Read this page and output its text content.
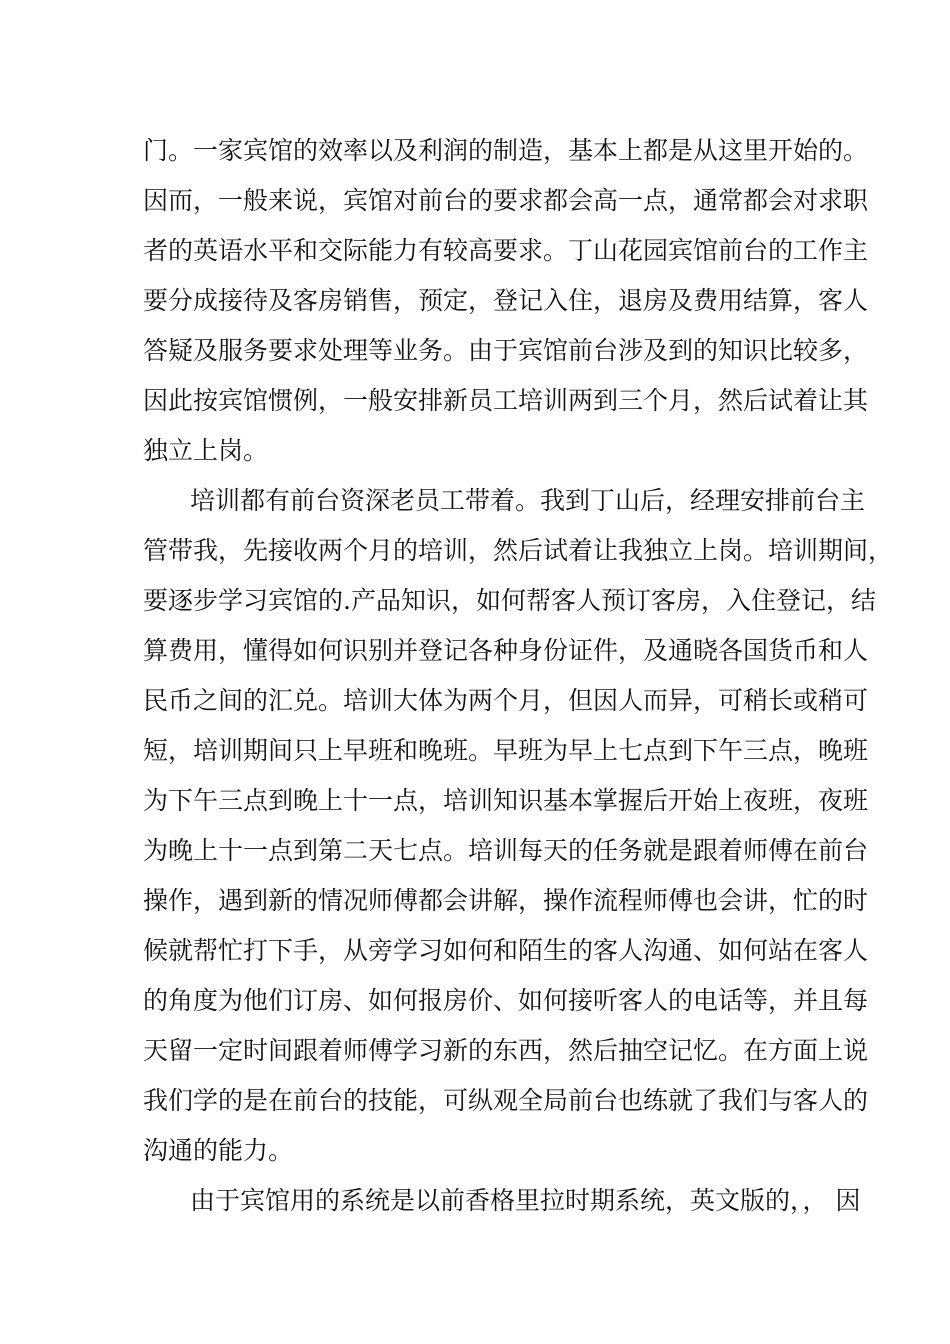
门。一家宾馆的效率以及利润的制造，基本上都是从这里开始的。
因而，一般来说，宾馆对前台的要求都会高一点，通常都会对求职
者的英语水平和交际能力有较高要求。丁山花园宾馆前台的工作主
要分成接待及客房销售，预定，登记入住，退房及费用结算，客人
答疑及服务要求处理等业务。由于宾馆前台涉及到的知识比较多，
因此按宾馆惯例，一般安排新员工培训两到三个月，然后试着让其
独立上岗。
培训都有前台资深老员工带着。我到丁山后，经理安排前台主
管带我，先接收两个月的培训，然后试着让我独立上岗。培训期间，
要逐步学习宾馆的.产品知识，如何帮客人预订客房，入住登记，结
算费用，懂得如何识别并登记各种身份证件，及通晓各国货币和人
民币之间的汇兑。培训大体为两个月，但因人而异，可稍长或稍可
短，培训期间只上早班和晚班。早班为早上七点到下午三点，晚班
为下午三点到晚上十一点，培训知识基本掌握后开始上夜班，夜班
为晚上十一点到第二天七点。培训每天的任务就是跟着师傅在前台
操作，遇到新的情况师傅都会讲解，操作流程师傅也会讲，忙的时
候就帮忙打下手，从旁学习如何和陌生的客人沟通、如何站在客人
的角度为他们订房、如何报房价、如何接听客人的电话等，并且每
天留一定时间跟着师傅学习新的东西，然后抽空记忆。在方面上说
我们学的是在前台的技能，可纵观全局前台也练就了我们与客人的
沟通的能力。
由于宾馆用的系统是以前香格里拉时期系统，英文版的，， 因
